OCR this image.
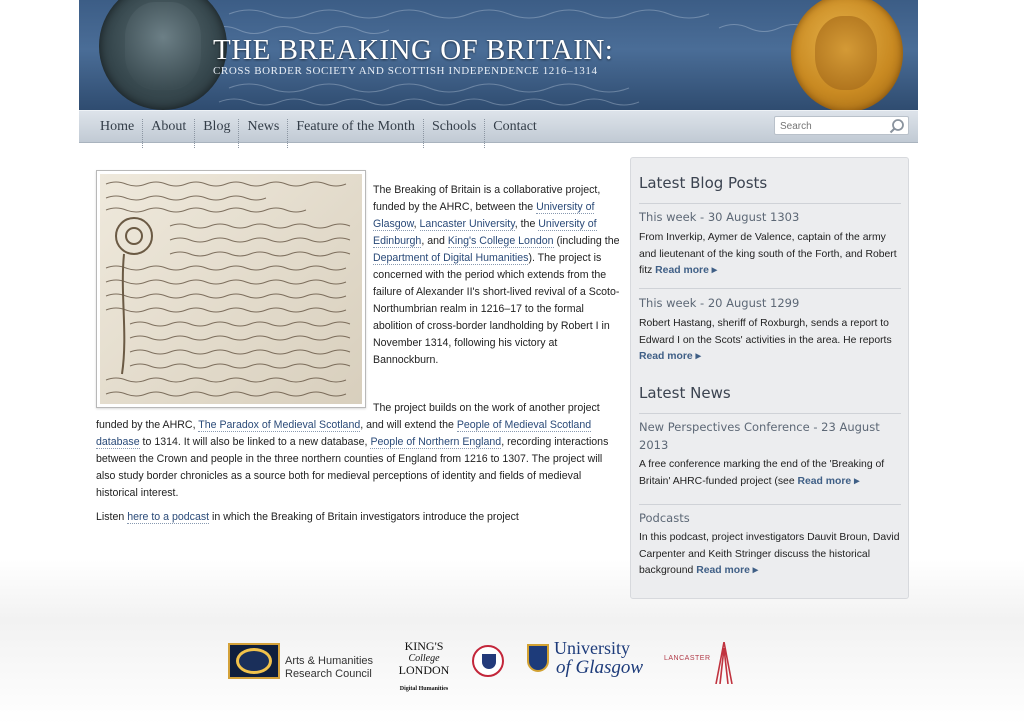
THE BREAKING OF BRITAIN:
CROSS BORDER SOCIETY AND SCOTTISH INDEPENDENCE 1216–1314
Home	About	Blog	News	Feature of the Month	Schools	Contact
Search

The Breaking of Britain is a collaborative project, funded by the AHRC, between the University of Glasgow, Lancaster University, the University of Edinburgh, and King's College London (including the Department of Digital Humanities). The project is concerned with the period which extends from the failure of Alexander II's short-lived revival of a Scoto-Northumbrian realm in 1216–17 to the formal abolition of cross-border landholding by Robert I in November 1314, following his victory at Bannockburn.

The project builds on the work of another project funded by the AHRC, The Paradox of Medieval Scotland, and will extend the People of Medieval Scotland database to 1314. It will also be linked to a new database, People of Northern England, recording interactions between the Crown and people in the three northern counties of England from 1216 to 1307. The project will also study border chronicles as a source both for medieval perceptions of identity and fields of medieval historical interest.

Listen here to a podcast in which the Breaking of Britain investigators introduce the project

Latest Blog Posts
This week - 30 August 1303
From Inverkip, Aymer de Valence, captain of the army and lieutenant of the king south of the Forth, and Robert fitz Read more ▸
This week - 20 August 1299
Robert Hastang, sheriff of Roxburgh, sends a report to Edward I on the Scots' activities in the area. He reports Read more ▸
Latest News
New Perspectives Conference - 23 August 2013
A free conference marking the end of the 'Breaking of Britain' AHRC-funded project (see Read more ▸
Podcasts
In this podcast, project investigators Dauvit Broun, David Carpenter and Keith Stringer discuss the historical background Read more ▸
Arts & Humanities
Research Council
KING'S
College
LONDON
Digital Humanities
University
of Glasgow	LANCASTER
